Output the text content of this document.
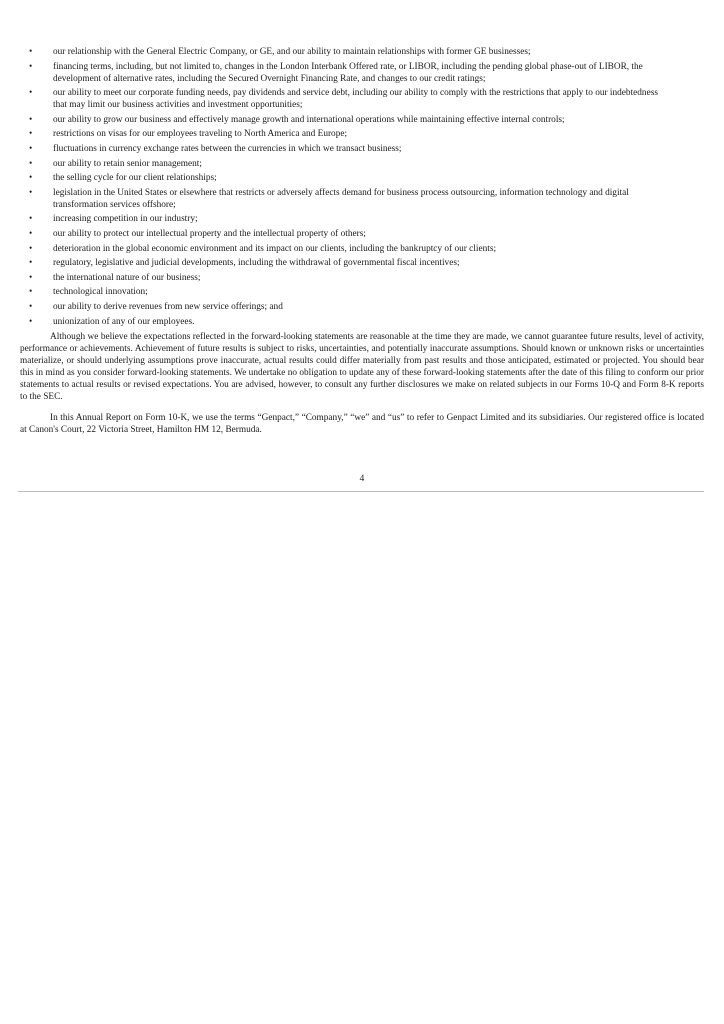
• our relationship with the General Electric Company, or GE, and our ability to maintain relationships with former GE businesses;
• financing terms, including, but not limited to, changes in the London Interbank Offered rate, or LIBOR, including the pending global phase-out of LIBOR, the development of alternative rates, including the Secured Overnight Financing Rate, and changes to our credit ratings;
• our ability to meet our corporate funding needs, pay dividends and service debt, including our ability to comply with the restrictions that apply to our indebtedness that may limit our business activities and investment opportunities;
• our ability to grow our business and effectively manage growth and international operations while maintaining effective internal controls;
• restrictions on visas for our employees traveling to North America and Europe;
• fluctuations in currency exchange rates between the currencies in which we transact business;
• our ability to retain senior management;
• the selling cycle for our client relationships;
• legislation in the United States or elsewhere that restricts or adversely affects demand for business process outsourcing, information technology and digital transformation services offshore;
• increasing competition in our industry;
• our ability to protect our intellectual property and the intellectual property of others;
• deterioration in the global economic environment and its impact on our clients, including the bankruptcy of our clients;
• regulatory, legislative and judicial developments, including the withdrawal of governmental fiscal incentives;
• the international nature of our business;
• technological innovation;
• our ability to derive revenues from new service offerings; and
• unionization of any of our employees.

Although we believe the expectations reflected in the forward-looking statements are reasonable at the time they are made, we cannot guarantee future results, level of activity, performance or achievements. Achievement of future results is subject to risks, uncertainties, and potentially inaccurate assumptions. Should known or unknown risks or uncertainties materialize, or should underlying assumptions prove inaccurate, actual results could differ materially from past results and those anticipated, estimated or projected. You should bear this in mind as you consider forward-looking statements. We undertake no obligation to update any of these forward-looking statements after the date of this filing to conform our prior statements to actual results or revised expectations. You are advised, however, to consult any further disclosures we make on related subjects in our Forms 10-Q and Form 8-K reports to the SEC.

In this Annual Report on Form 10-K, we use the terms “Genpact,” “Company,” “we” and “us” to refer to Genpact Limited and its subsidiaries. Our registered office is located at Canon's Court, 22 Victoria Street, Hamilton HM 12, Bermuda.

4
